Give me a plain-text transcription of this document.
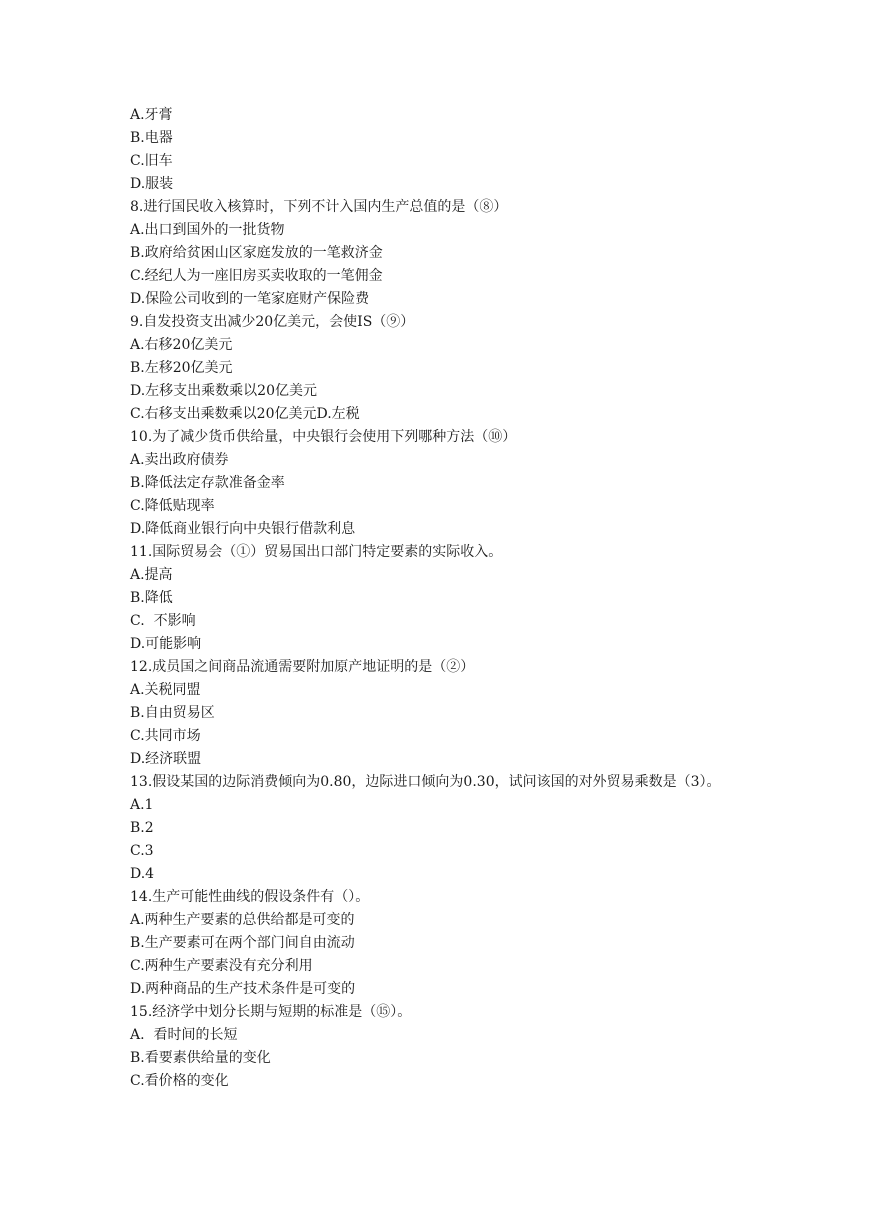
A.牙膏
B.电器
C.旧车
D.服装
8.进行国民收入核算时，下列不计入国内生产总值的是（⑧）
A.出口到国外的一批货物
B.政府给贫困山区家庭发放的一笔救济金
C.经纪人为一座旧房买卖收取的一笔佣金
D.保险公司收到的一笔家庭财产保险费
9.自发投资支出减少20亿美元，会使IS（⑨）
A.右移20亿美元
B.左移20亿美元
D.左移支出乘数乘以20亿美元
C.右移支出乘数乘以20亿美元D.左税
10.为了减少货币供给量，中央银行会使用下列哪种方法（⑩）
A.卖出政府债券
B.降低法定存款准备金率
C.降低贴现率
D.降低商业银行向中央银行借款利息
11.国际贸易会（①）贸易国出口部门特定要素的实际收入。
A.提高
B.降低
C.  不影响
D.可能影响
12.成员国之间商品流通需要附加原产地证明的是（②）
A.关税同盟
B.自由贸易区
C.共同市场
D.经济联盟
13.假设某国的边际消费倾向为0.80，边际进口倾向为0.30，试问该国的对外贸易乘数是（3）。
A.1
B.2
C.3
D.4
14.生产可能性曲线的假设条件有（）。
A.两种生产要素的总供给都是可变的
B.生产要素可在两个部门间自由流动
C.两种生产要素没有充分利用
D.两种商品的生产技术条件是可变的
15.经济学中划分长期与短期的标准是（⑮）。
A.  看时间的长短
B.看要素供给量的变化
C.看价格的变化
